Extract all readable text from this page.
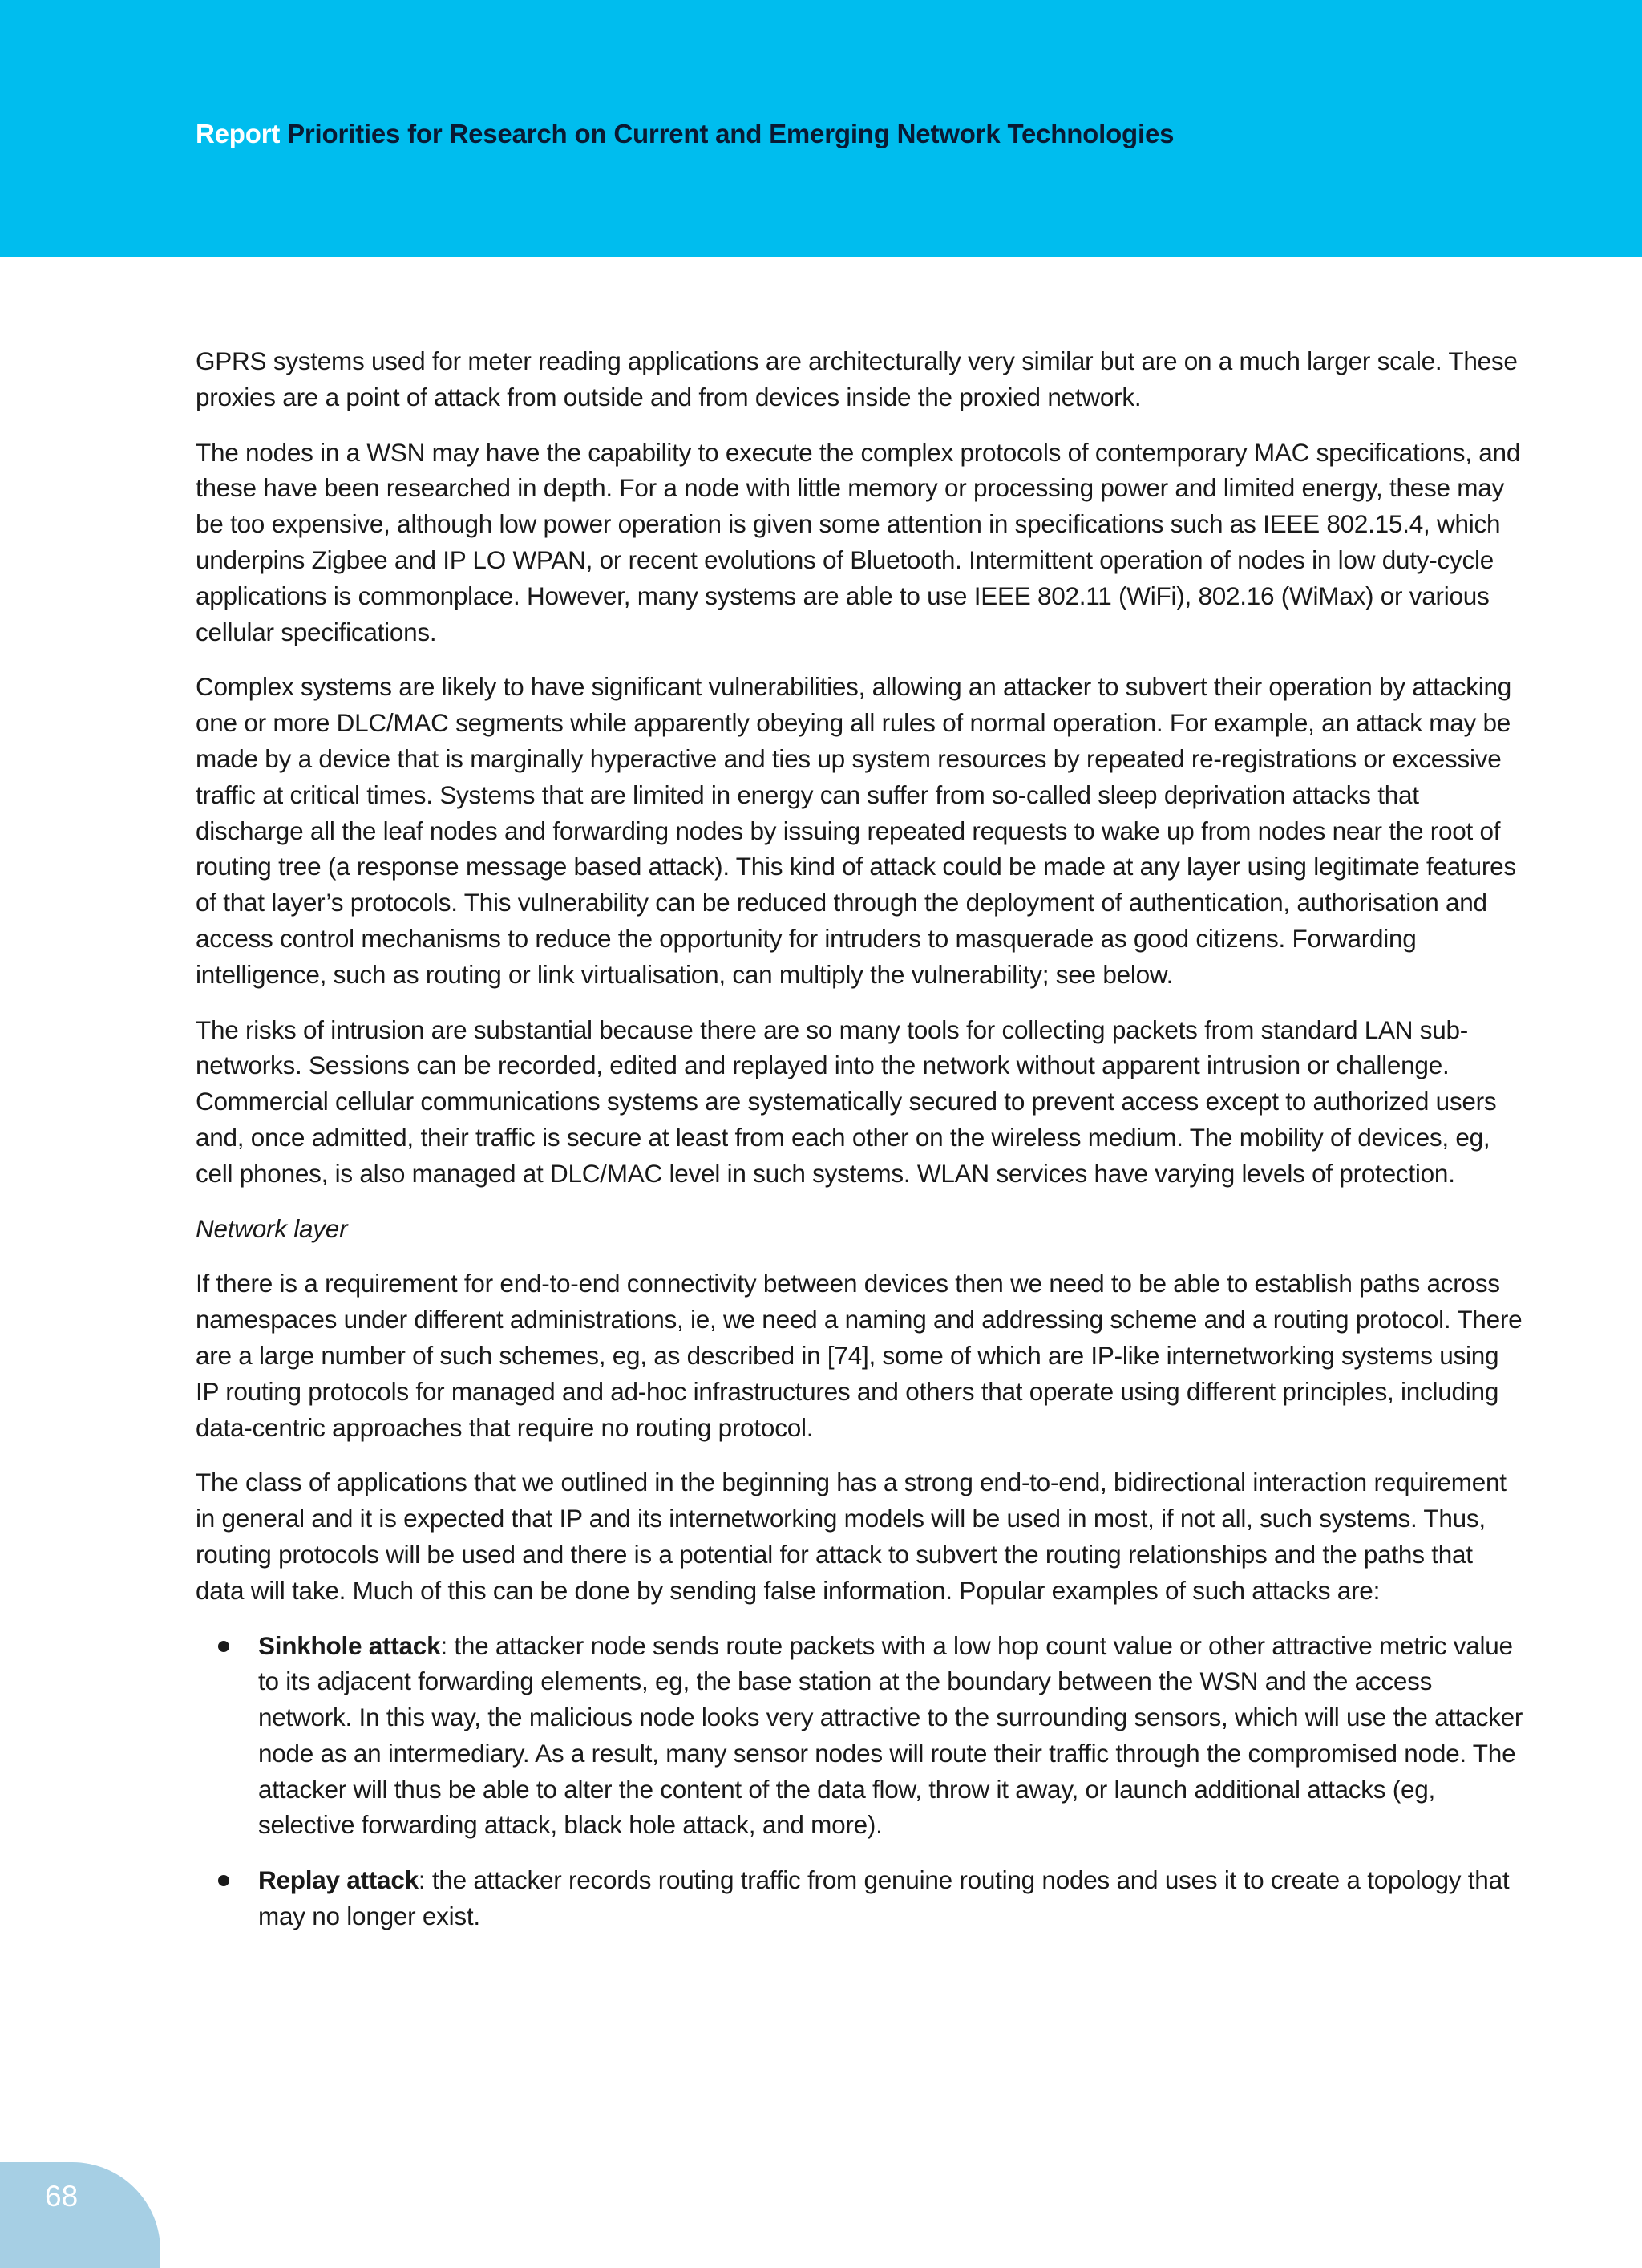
Report Priorities for Research on Current and Emerging Network Technologies

GPRS systems used for meter reading applications are architecturally very similar but are on a much larger scale. These proxies are a point of attack from outside and from devices inside the proxied network.

The nodes in a WSN may have the capability to execute the complex protocols of contemporary MAC specifications, and these have been researched in depth. For a node with little memory or processing power and limited energy, these may be too expensive, although low power operation is given some attention in specifications such as IEEE 802.15.4, which underpins Zigbee and IP LO WPAN, or recent evolutions of Bluetooth. Intermittent operation of nodes in low duty-cycle applications is commonplace. However, many systems are able to use IEEE 802.11 (WiFi), 802.16 (WiMax) or various cellular specifications.

Complex systems are likely to have significant vulnerabilities, allowing an attacker to subvert their operation by attacking one or more DLC/MAC segments while apparently obeying all rules of normal operation. For example, an attack may be made by a device that is marginally hyperactive and ties up system resources by repeated re-registrations or excessive traffic at critical times. Systems that are limited in energy can suffer from so-called sleep deprivation attacks that discharge all the leaf nodes and forwarding nodes by issuing repeated requests to wake up from nodes near the root of routing tree (a response message based attack). This kind of attack could be made at any layer using legitimate features of that layer’s protocols. This vulnerability can be reduced through the deployment of authentication, authorisation and access control mechanisms to reduce the opportunity for intruders to masquerade as good citizens. Forwarding intelligence, such as routing or link virtualisation, can multiply the vulnerability; see below.

The risks of intrusion are substantial because there are so many tools for collecting packets from standard LAN sub-networks. Sessions can be recorded, edited and replayed into the network without apparent intrusion or challenge. Commercial cellular communications systems are systematically secured to prevent access except to authorized users and, once admitted, their traffic is secure at least from each other on the wireless medium. The mobility of devices, eg, cell phones, is also managed at DLC/MAC level in such systems. WLAN services have varying levels of protection.

Network layer

If there is a requirement for end-to-end connectivity between devices then we need to be able to establish paths across namespaces under different administrations, ie, we need a naming and addressing scheme and a routing protocol. There are a large number of such schemes, eg, as described in [74], some of which are IP-like internetworking systems using IP routing protocols for managed and ad-hoc infrastructures and others that operate using different principles, including data-centric approaches that require no routing protocol.

The class of applications that we outlined in the beginning has a strong end-to-end, bidirectional interaction requirement in general and it is expected that IP and its internetworking models will be used in most, if not all, such systems. Thus, routing protocols will be used and there is a potential for attack to subvert the routing relationships and the paths that data will take. Much of this can be done by sending false information. Popular examples of such attacks are:

Sinkhole attack: the attacker node sends route packets with a low hop count value or other attractive metric value to its adjacent forwarding elements, eg, the base station at the boundary between the WSN and the access network. In this way, the malicious node looks very attractive to the surrounding sensors, which will use the attacker node as an intermediary. As a result, many sensor nodes will route their traffic through the compromised node. The attacker will thus be able to alter the content of the data flow, throw it away, or launch additional attacks (eg, selective forwarding attack, black hole attack, and more).
Replay attack: the attacker records routing traffic from genuine routing nodes and uses it to create a topology that may no longer exist.
68
